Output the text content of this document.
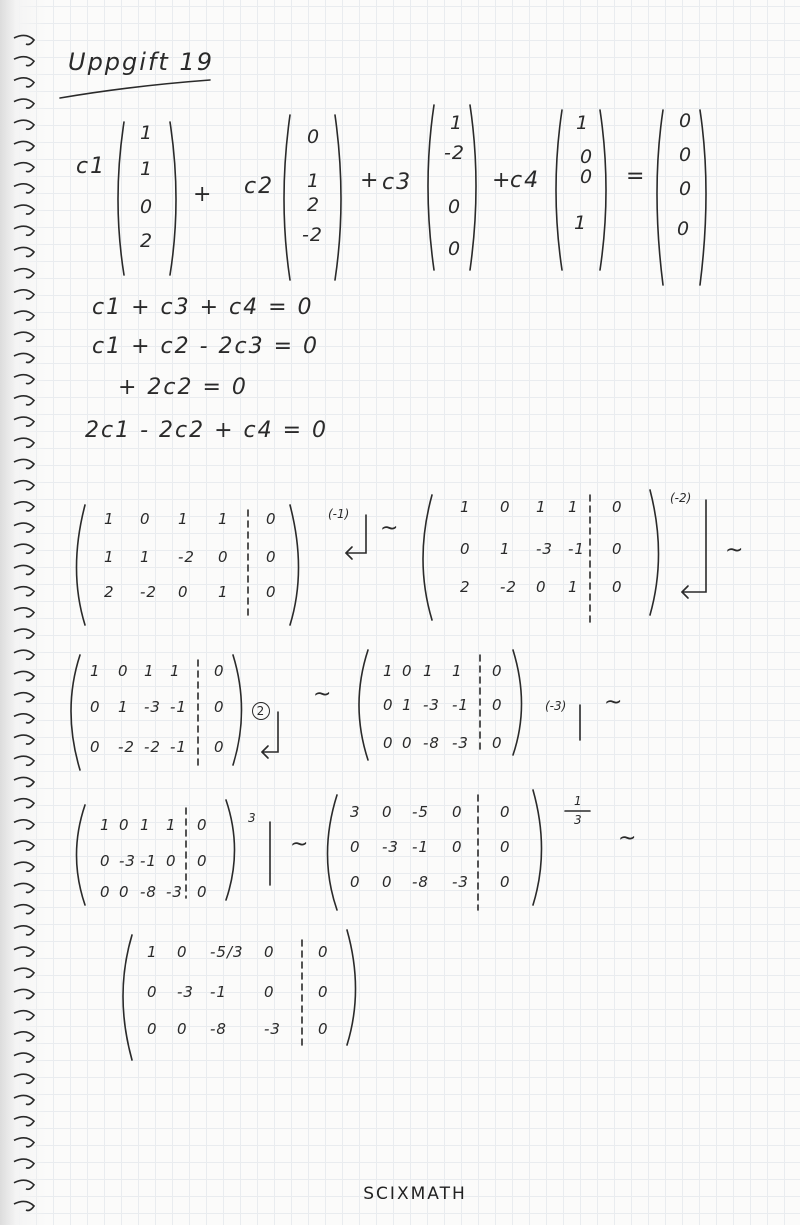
Uppgift 19
c1
1
1
0
2
+ c2
0
1
2
-2
+ c3
1
-2
0
0
+
c4
1
0
0
1
=
0
0
0
0
c1 + c3 + c4 = 0
c1 + c2 - 2c3 = 0
+ 2c2 = 0
2c1 - 2c2 + c4 = 0
1 0 1 1 0
1 1 -2 0 0
2 -2 0 1 0
1 0 1 1 0
0 1 -3 -1 0
2 -2 0 1 0
1 0 1 1 0
0 1 -3 -1 0
0 -2 -2 -1 0
1 0 1 1 0
0 1 -3 -1 0
0 0 -8 -3 0
1 0 1 1 0
0 -3 -1 0 0
0 0 -8 -3 0
3 0 -5 0 0
0 -3 -1 0 0
0 0 -8 -3 0
1 0 -5/3 0	0
0 -3 -1 0	0
0 0 -8 -3 0
(-1)
~
(-2)
~
2
~	(-3) ~
3
~
1
3
~
SCIXMATH
